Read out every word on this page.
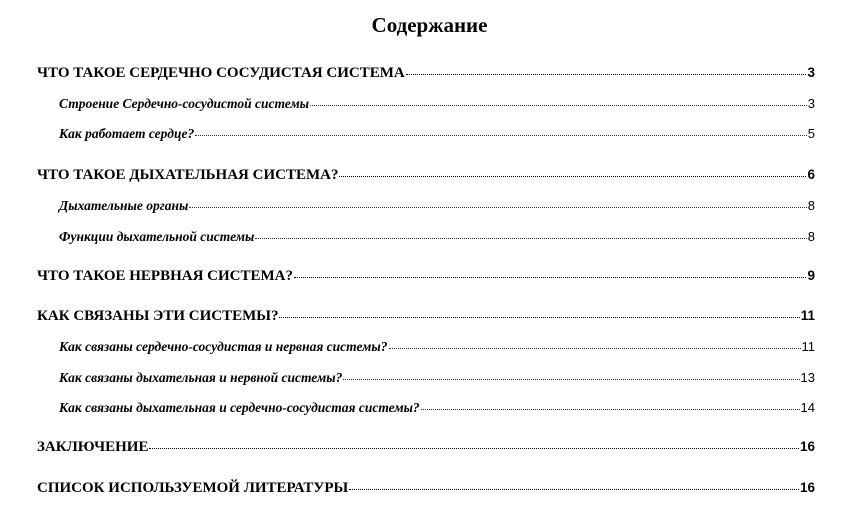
Содержание
ЧТО ТАКОЕ СЕРДЕЧНО СОСУДИСТАЯ СИСТЕМА	3
Строение Сердечно-сосудистой системы	3
Как работает сердце?	5
ЧТО ТАКОЕ ДЫХАТЕЛЬНАЯ СИСТЕМА?	6
Дыхательные органы	8
Функции дыхательной системы	8
ЧТО ТАКОЕ НЕРВНАЯ СИСТЕМА?	9
КАК СВЯЗАНЫ ЭТИ СИСТЕМЫ?	11
Как связаны сердечно-сосудистая и нервная системы?	11
Как связаны дыхательная и нервной системы?	13
Как связаны дыхательная и сердечно-сосудистая системы?	14
ЗАКЛЮЧЕНИЕ	16
СПИСОК ИСПОЛЬЗУЕМОЙ ЛИТЕРАТУРЫ	16
